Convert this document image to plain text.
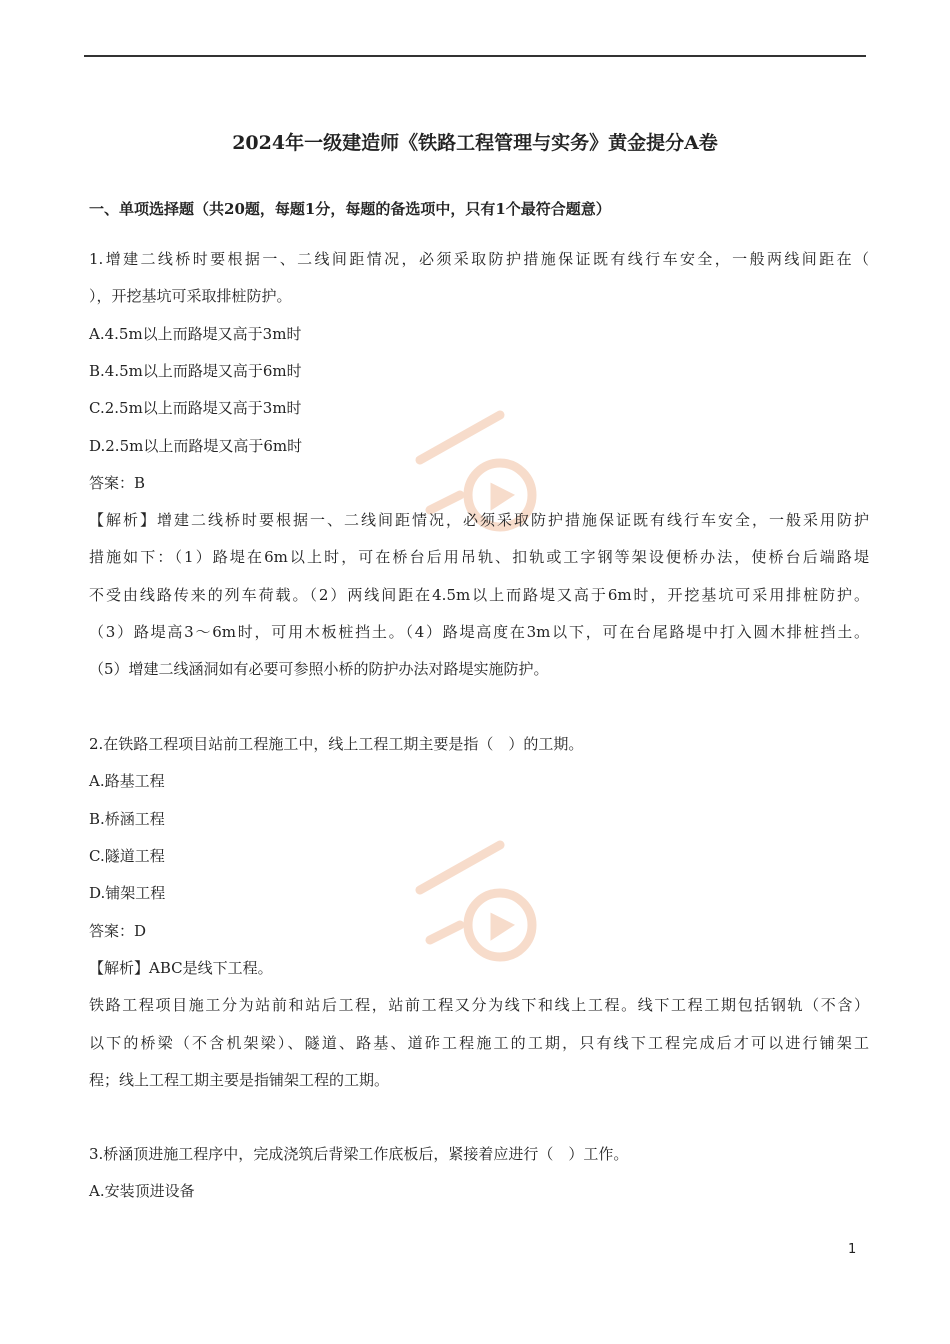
2024年一级建造师《铁路工程管理与实务》黄金提分A卷
一、单项选择题（共20题，每题1分，每题的备选项中，只有1个最符合题意）
1.增建二线桥时要根据一、二线间距情况，必须采取防护措施保证既有线行车安全，一般两线间距在（
），开挖基坑可采取排桩防护。
A.4.5m以上而路堤又高于3m时
B.4.5m以上而路堤又高于6m时
C.2.5m以上而路堤又高于3m时
D.2.5m以上而路堤又高于6m时
答案：B
【解析】增建二线桥时要根据一、二线间距情况，必须采取防护措施保证既有线行车安全，一般采用防护
措施如下：（1）路堤在6m以上时，可在桥台后用吊轨、扣轨或工字钢等架设便桥办法，使桥台后端路堤
不受由线路传来的列车荷载。（2）两线间距在4.5m以上而路堤又高于6m时，开挖基坑可采用排桩防护。
（3）路堤高3～6m时，可用木板桩挡土。（4）路堤高度在3m以下，可在台尾路堤中打入圆木排桩挡土。
（5）增建二线涵洞如有必要可参照小桥的防护办法对路堤实施防护。
2.在铁路工程项目站前工程施工中，线上工程工期主要是指（　）的工期。
A.路基工程
B.桥涵工程
C.隧道工程
D.铺架工程
答案：D
【解析】ABC是线下工程。
铁路工程项目施工分为站前和站后工程，站前工程又分为线下和线上工程。线下工程工期包括钢轨（不含）
以下的桥梁（不含机架梁）、隧道、路基、道砟工程施工的工期，只有线下工程完成后才可以进行铺架工
程；线上工程工期主要是指铺架工程的工期。
3.桥涵顶进施工程序中，完成浇筑后背梁工作底板后，紧接着应进行（　）工作。
A.安装顶进设备
1
